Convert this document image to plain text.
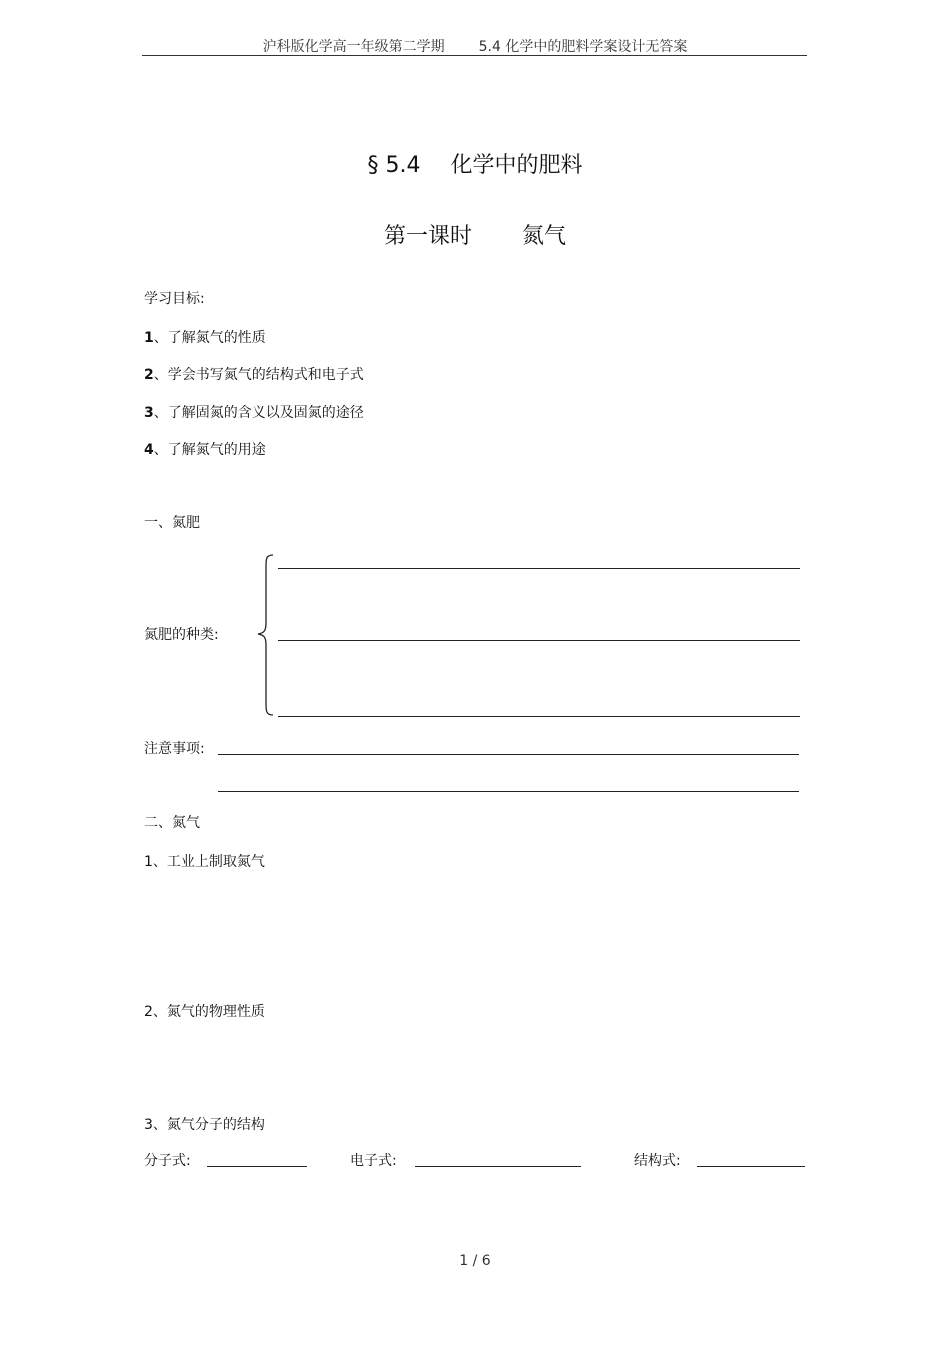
沪科版化学高一年级第二学期 5.4 化学中的肥料学案设计无答案
§ 5.4 化学中的肥料
第一课时 氮气
学习目标:
1、了解氮气的性质
2、学会书写氮气的结构式和电子式
3、了解固氮的含义以及固氮的途径
4、了解氮气的用途
一、氮肥
氮肥的种类:
注意事项:
二、氮气
1、工业上制取氮气
2、氮气的物理性质
3、氮气分子的结构
分子式:	电子式:	结构式:
1 / 6
